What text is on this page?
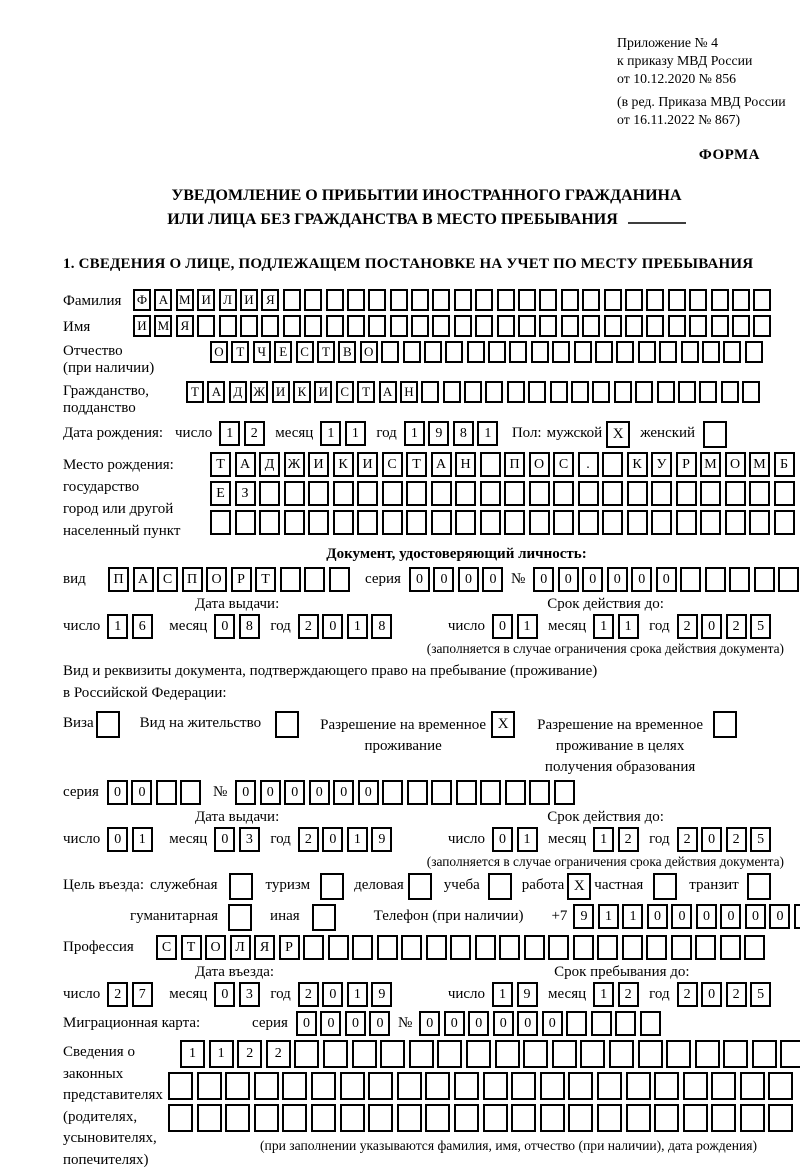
Приложение № 4
к приказу МВД России
от 10.12.2020 № 856
(в ред. Приказа МВД России
от 16.11.2022 № 867)
ФОРМА
УВЕДОМЛЕНИЕ О ПРИБЫТИИ ИНОСТРАННОГО ГРАЖДАНИНА
ИЛИ ЛИЦА БЕЗ ГРАЖДАНСТВА В МЕСТО ПРЕБЫВАНИЯ
1. СВЕДЕНИЯ О ЛИЦЕ, ПОДЛЕЖАЩЕМ ПОСТАНОВКЕ НА УЧЕТ ПО МЕСТУ ПРЕБЫВАНИЯ
Фамилия	Ф А М И Л И Я
Имя	И М Я
Отчество
(при наличии)
О Т	Ч	Е	С	Т	В О
Гражданство,
подданство
Т А Д Ж И К И С	Т А Н
Дата рождения: число	1	2	месяц	1	1	год	1	9	8	1	Пол: мужской X	женский
Место рождения:
государство
город или другой
населенный пункт
Т	А	Д Ж И	К	И	С	Т	А	Н	П	О	С	.	К	У	Р	М О М	Б
Е	З
Документ, удостоверяющий личность:
вид	П	А	С	П	О	Р	Т	серия	0	0	0	0 №	0	0	0	0	0	0
Дата выдачи:	Срок действия до:
число	1	6	месяц	0	8	год	2	0	1	8	число	0	1	месяц	1	1	год	2	0	2	5
(заполняется в случае ограничения срока действия документа)
Вид и реквизиты документа, подтверждающего право на пребывание (проживание)
в Российской Федерации:
Виза	Вид на жительство	Разрешение на временное
проживание
X	Разрешение на временное
проживание в целях
получения образования
серия	0	0	№	0	0	0	0	0	0
Дата выдачи:	Срок действия до:
число	0	1	месяц	0	3	год	2	0	1	9	число	0	1	месяц	1	2	год	2	0	2	5
(заполняется в случае ограничения срока действия документа)
Цель въезда: служебная	туризм	деловая	учеба	работа X частная	транзит
гуманитарная	иная	Телефон (при наличии) +7 9	1	1	0	0	0	0	0	0
Профессия	С	Т	О	Л	Я	Р
Дата въезда:	Срок пребывания до:
число	2	7	месяц	0	3	год	2	0	1	9	число	1	9	месяц	1	2	год	2	0	2	5
Миграционная карта:	серия	0	0	0	0 №	0	0	0	0	0	0
Сведения о
законных
представителях
(родителях,
усыновителях,
попечителях)
1	1	2	2
(при заполнении указываются фамилия, имя, отчество (при наличии), дата рождения)
